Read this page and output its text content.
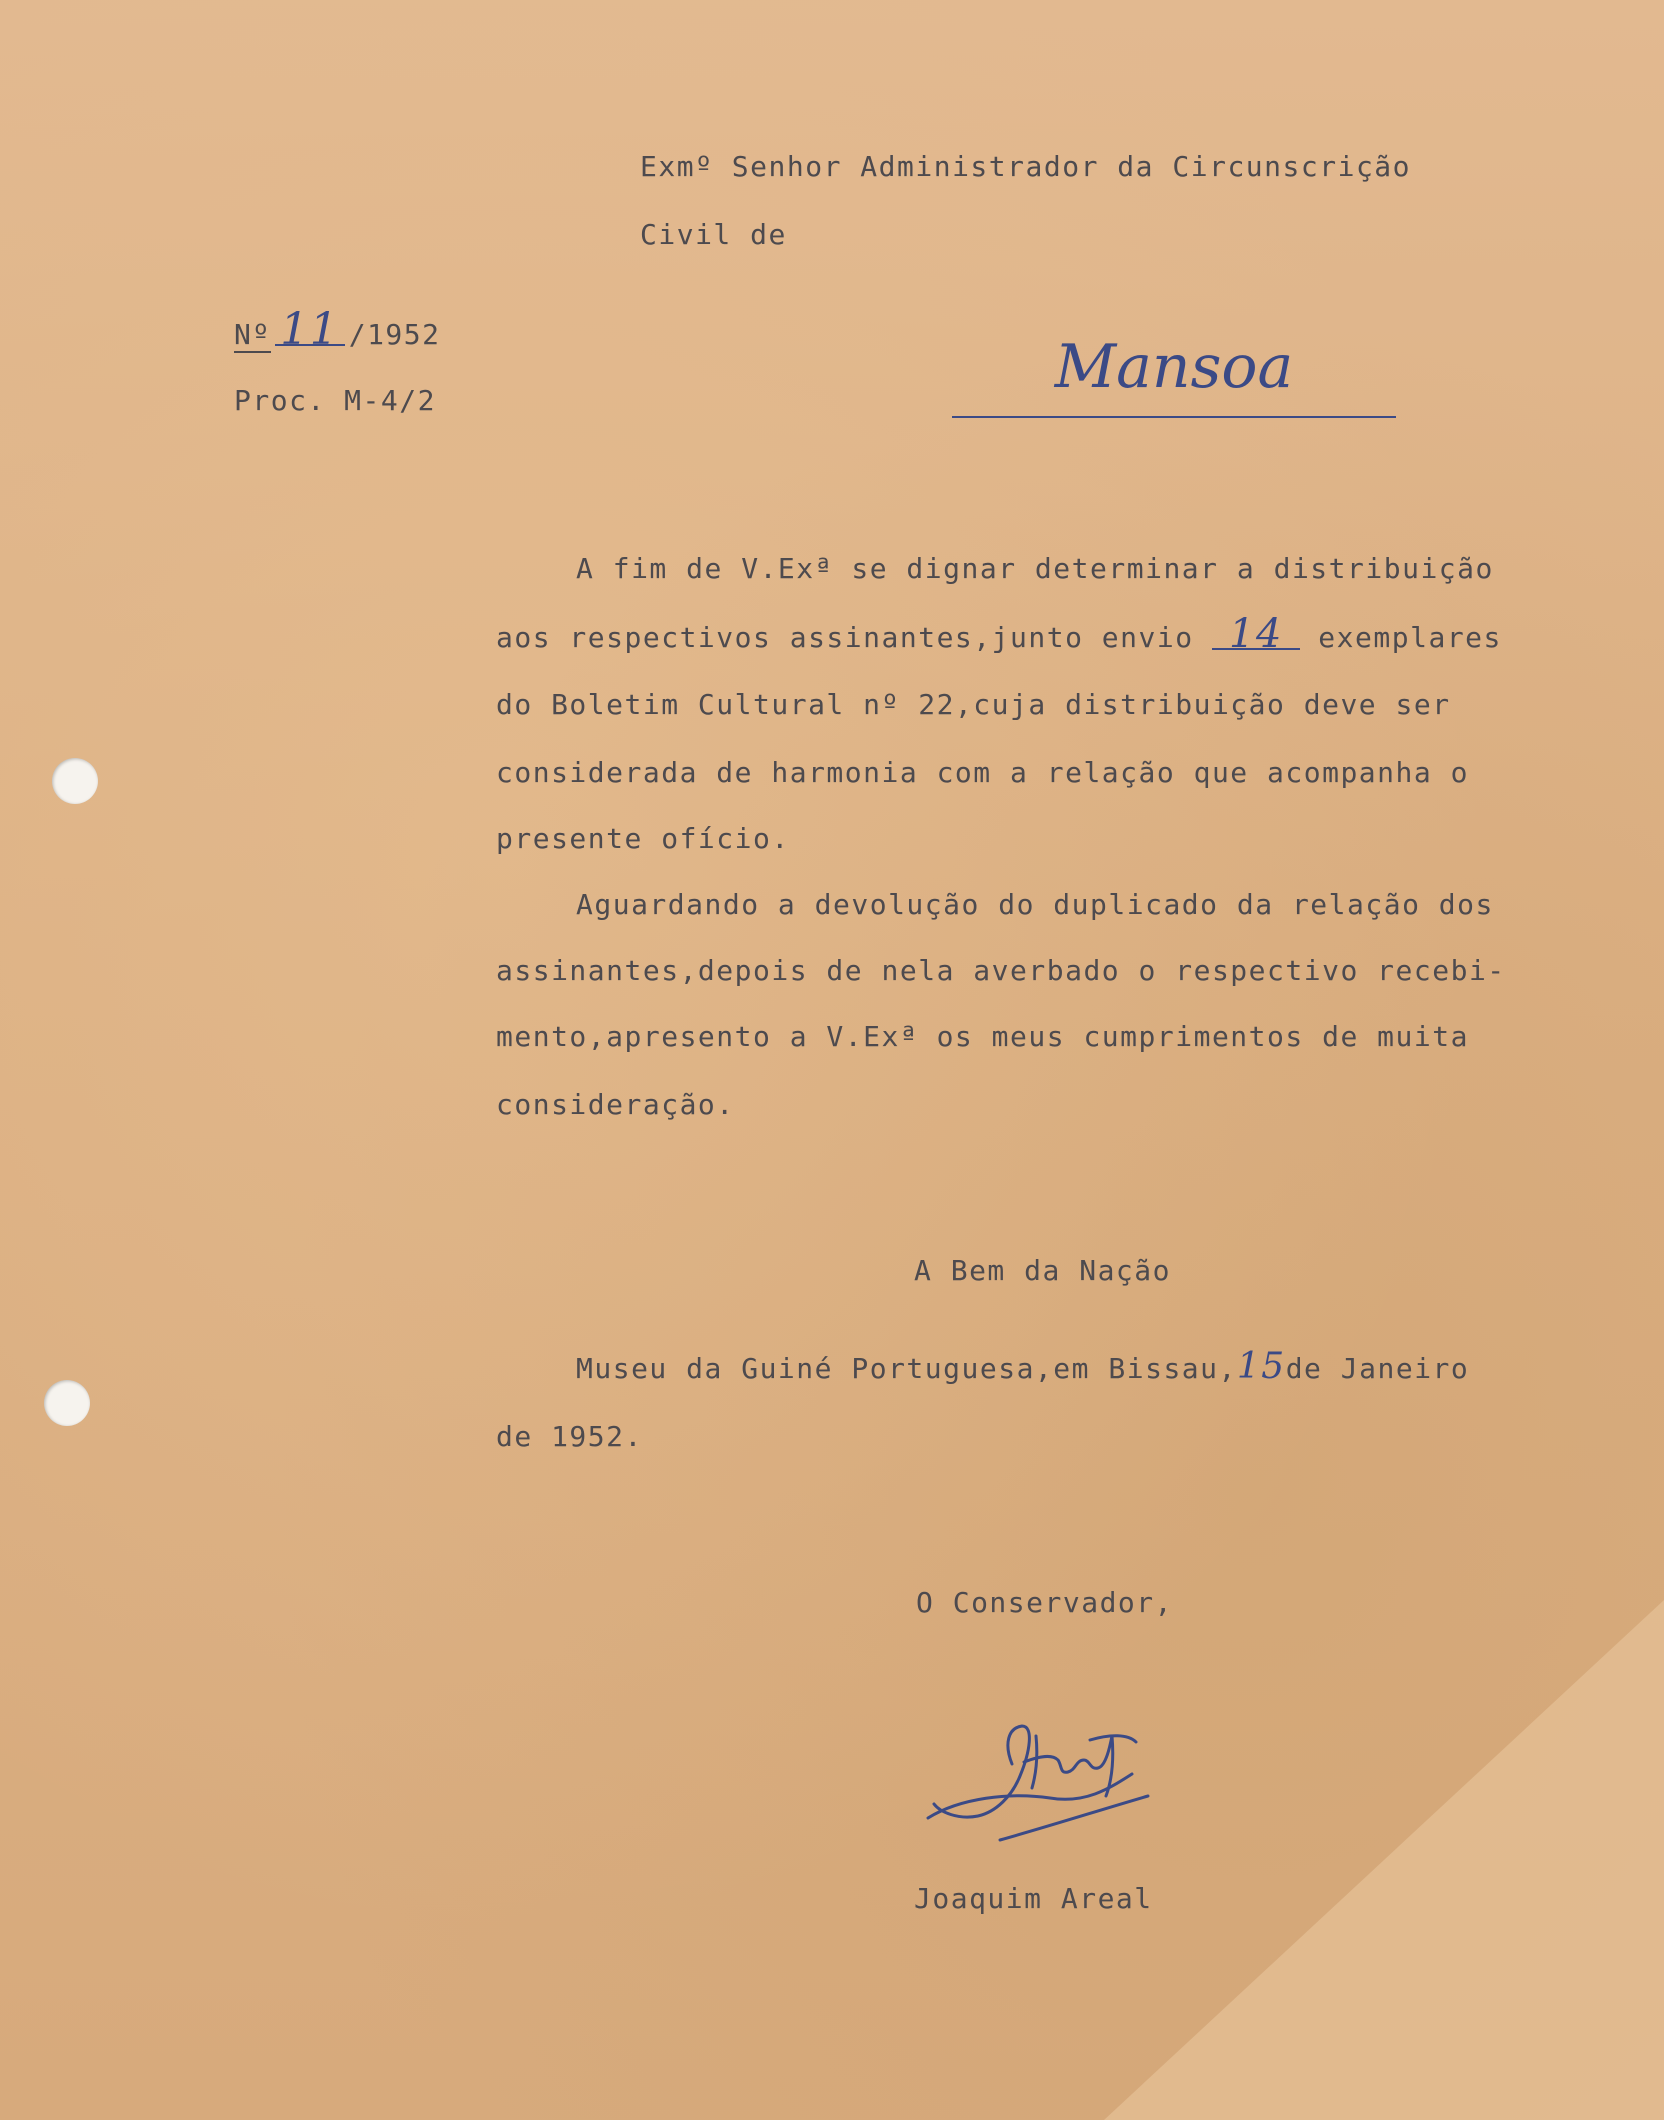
Exmº Senhor Administrador da Circunscrição
Civil de
Nº 11 /1952
Proc. M-4/2	Mansoa
A fim de V.Exª se dignar determinar a distribuição
aos respectivos assinantes,junto envio 14 exemplares
do Boletim Cultural nº 22,cuja distribuição deve ser
considerada de harmonia com a relação que acompanha o
presente ofício.
Aguardando a devolução do duplicado da relação dos
assinantes,depois de nela averbado o respectivo recebi-
mento,apresento a V.Exª os meus cumprimentos de muita
consideração.
A Bem da Nação
Museu da Guiné Portuguesa,em Bissau,15de Janeiro
de 1952.
O Conservador,
Joaquim Areal
